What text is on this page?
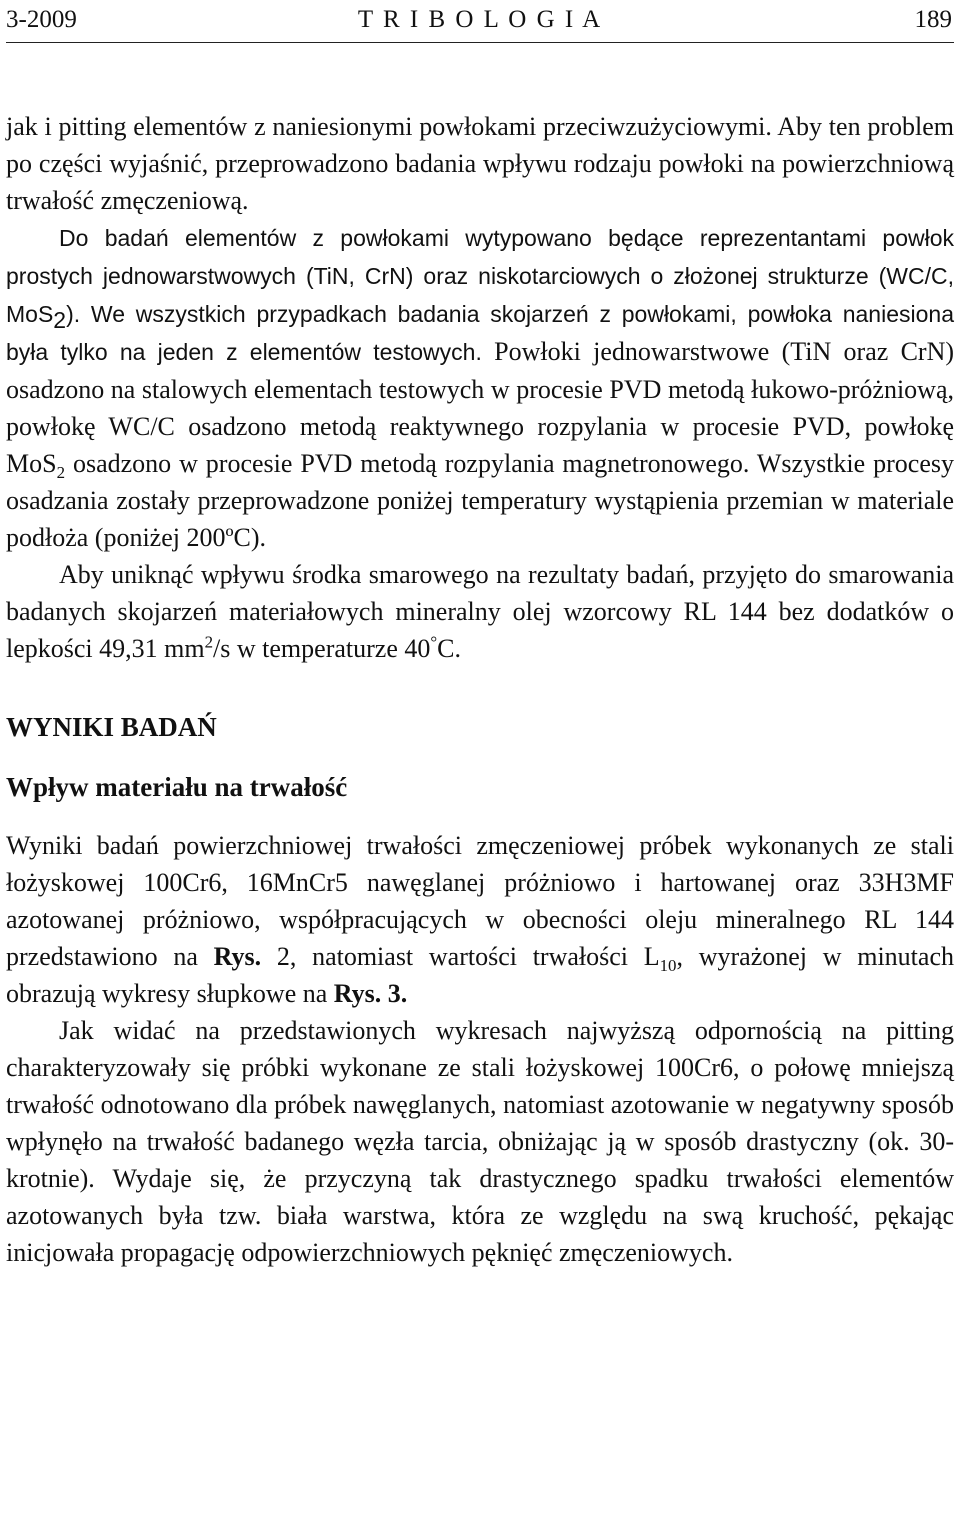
3-2009	T R I B O L O G I A	189

jak i pitting elementów z naniesionymi powłokami przeciwzużyciowymi. Aby ten problem po części wyjaśnić, przeprowadzono badania wpływu rodzaju powłoki na powierzchniową trwałość zmęczeniową.
Do badań elementów z powłokami wytypowano będące reprezentantami powłok prostych jednowarstwowych (TiN, CrN) oraz niskotarciowych o złożonej strukturze (WC/C, MoS$_2$). We wszystkich przypadkach badania skojarzeń z powłokami, powłoka naniesiona była tylko na jeden z elementów testowych. Powłoki jednowarstwowe (TiN oraz CrN) osadzono na stalowych elementach testowych w procesie PVD metodą łukowo-próżniową, powłokę WC/C osadzono metodą reaktywnego rozpylania w procesie PVD, powłokę MoS$_2$ osadzono w procesie PVD metodą rozpylania magnetronowego. Wszystkie procesy osadzania zostały przeprowadzone poniżej temperatury wystąpienia przemian w materiale podłoża (poniżej 200ºC).

Aby uniknąć wpływu środka smarowego na rezultaty badań, przyjęto do smarowania badanych skojarzeń materiałowych mineralny olej wzorcowy RL 144 bez dodatków o lepkości 49,31 $mm^2/s$ w temperaturze 40°C.

WYNIKI BADAŃ
Wpływ materiału na trwałość

Wyniki badań powierzchniowej trwałości zmęczeniowej próbek wykonanych ze stali łożyskowej 100Cr6, 16MnCr5 nawęglanej próżniowo i hartowanej oraz 33H3MF azotowanej próżniowo, współpracujących w obecności oleju mineralnego RL 144 przedstawiono na Rys. 2, natomiast wartości trwałości $L_{10}$, wyrażonej w minutach obrazują wykresy słupkowe na Rys. 3.

Jak widać na przedstawionych wykresach najwyższą odpornością na pitting charakteryzowały się próbki wykonane ze stali łożyskowej 100Cr6, o połowę mniejszą trwałość odnotowano dla próbek nawęglanych, natomiast azotowanie w negatywny sposób wpłynęło na trwałość badanego węzła tarcia, obniżając ją w sposób drastyczny (ok. 30-krotnie). Wydaje się, że przyczyną tak drastycznego spadku trwałości elementów azotowanych była tzw. biała warstwa, która ze względu na swą kruchość, pękając inicjowała propagację odpowierzchniowych pęknięć zmęczeniowych.
